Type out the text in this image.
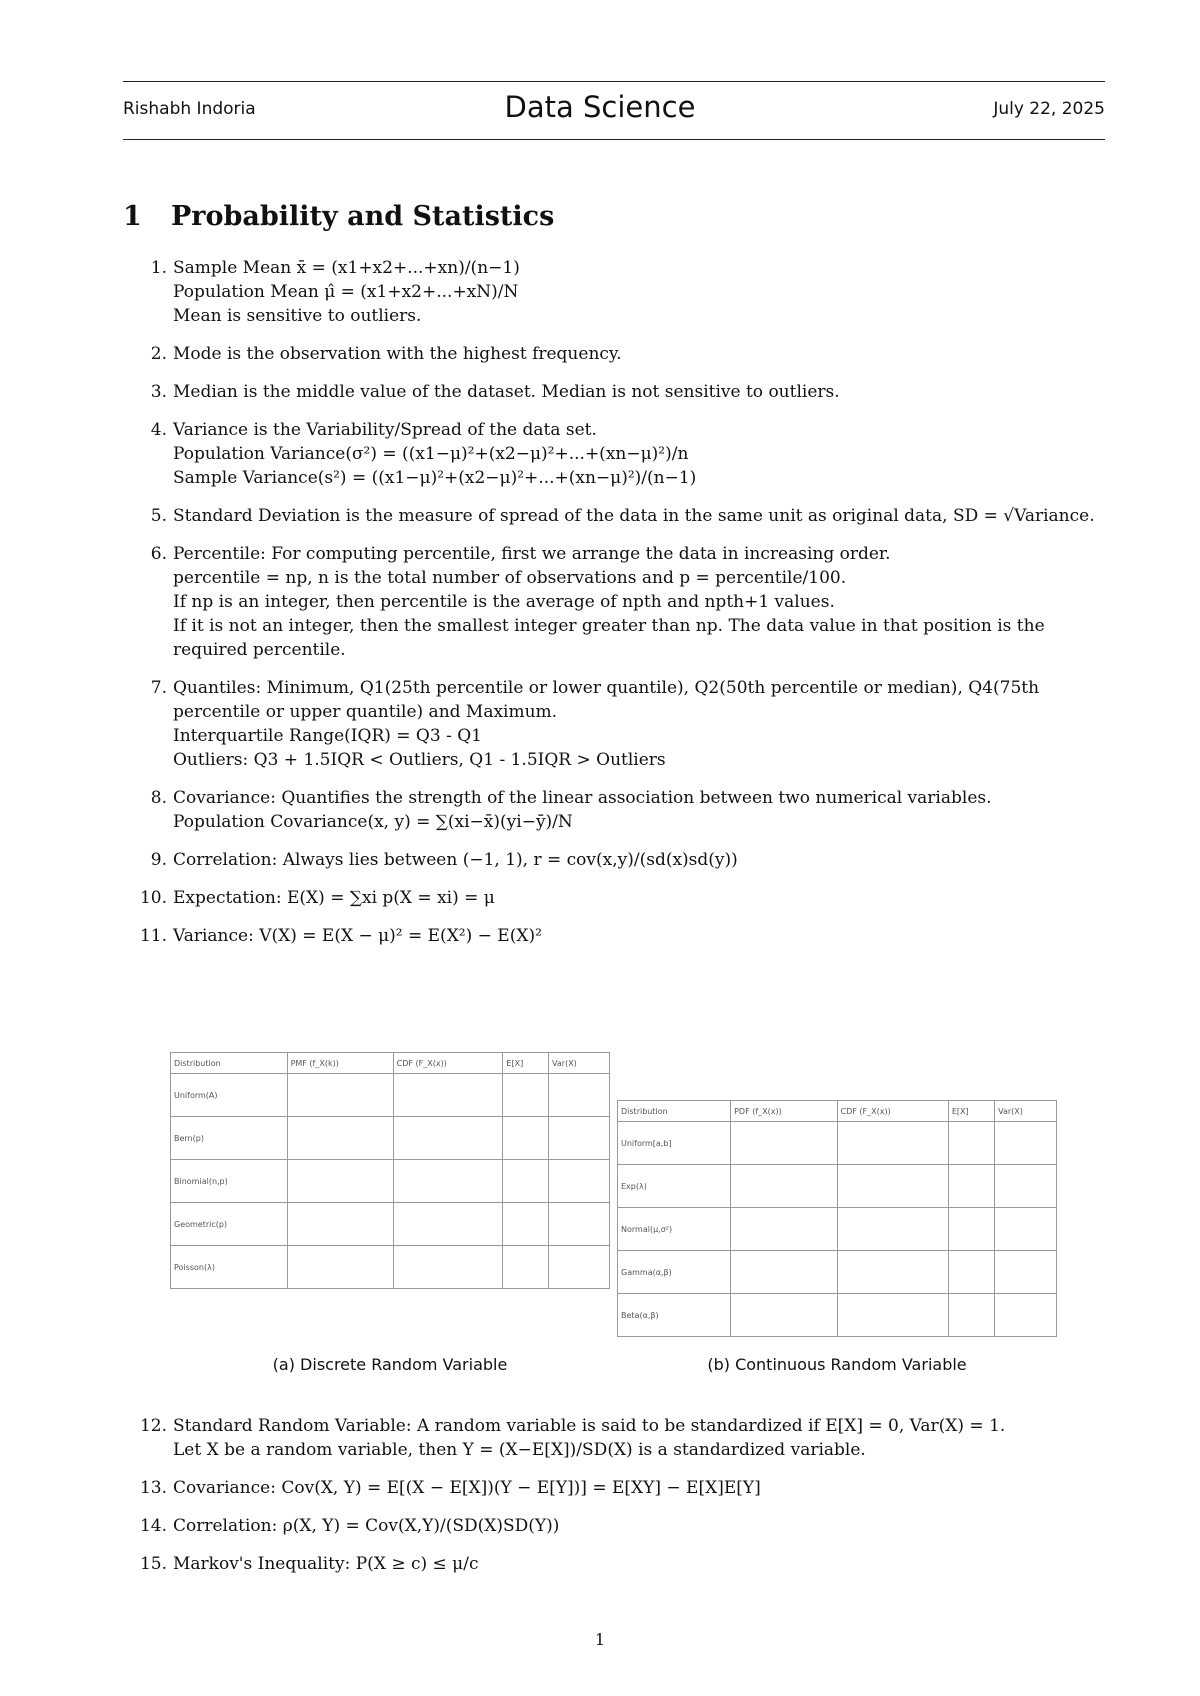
Rishabh Indoria	Data Science	July 22, 2025
1 Probability and Statistics
1. Sample Mean x̄ = (x1+x2+...+xn)/(n−1)
Population Mean μ̂ = (x1+x2+...+xN)/N
Mean is sensitive to outliers.
2. Mode is the observation with the highest frequency.
3. Median is the middle value of the dataset. Median is not sensitive to outliers.
4. Variance is the Variability/Spread of the data set.
Population Variance(σ²) = ((x1−μ)²+(x2−μ)²+...+(xn−μ)²)/n
Sample Variance(s²) = ((x1−μ)²+(x2−μ)²+...+(xn−μ)²)/(n−1)
5. Standard Deviation is the measure of spread of the data in the same unit as original data, SD = √Variance.
6. Percentile: For computing percentile, first we arrange the data in increasing order.
percentile = np, n is the total number of observations and p = percentile/100.
If np is an integer, then percentile is the average of npth and npth+1 values.
If it is not an integer, then the smallest integer greater than np. The data value in that position is the required percentile.
7. Quantiles: Minimum, Q1(25th percentile or lower quantile), Q2(50th percentile or median), Q4(75th percentile or upper quantile) and Maximum.
Interquartile Range(IQR) = Q3 - Q1
Outliers: Q3 + 1.5IQR < Outliers, Q1 - 1.5IQR > Outliers
8. Covariance: Quantifies the strength of the linear association between two numerical variables.
Population Covariance(x, y) = ∑(xi−x̄)(yi−ȳ)/N
9. Correlation: Always lies between (−1, 1), r = cov(x,y)/(sd(x)sd(y))
10. Expectation: E(X) = ∑xi p(X = xi) = μ
11. Variance: V(X) = E(X − μ)² = E(X²) − E(X)²
Distribution	PMF (f_X(k))	CDF (F_X(x))	E[X]	Var(X)
Uniform(A)				
Bern(p)				
Binomial(n,p)				
Geometric(p)				
Poisson(λ)				
Distribution	PDF (f_X(x))	CDF (F_X(x))	E[X]	Var(X)
Uniform[a,b]				
Exp(λ)				
Normal(μ,σ²)				
Gamma(α,β)				
Beta(α,β)				
(a) Discrete Random Variable	(b) Continuous Random Variable
12. Standard Random Variable: A random variable is said to be standardized if E[X] = 0, Var(X) = 1.
Let X be a random variable, then Y = (X−E[X])/SD(X) is a standardized variable.
13. Covariance: Cov(X, Y) = E[(X − E[X])(Y − E[Y])] = E[XY] − E[X]E[Y]
14. Correlation: ρ(X, Y) = Cov(X,Y)/(SD(X)SD(Y))
15. Markov's Inequality: P(X ≥ c) ≤ μ/c
1
